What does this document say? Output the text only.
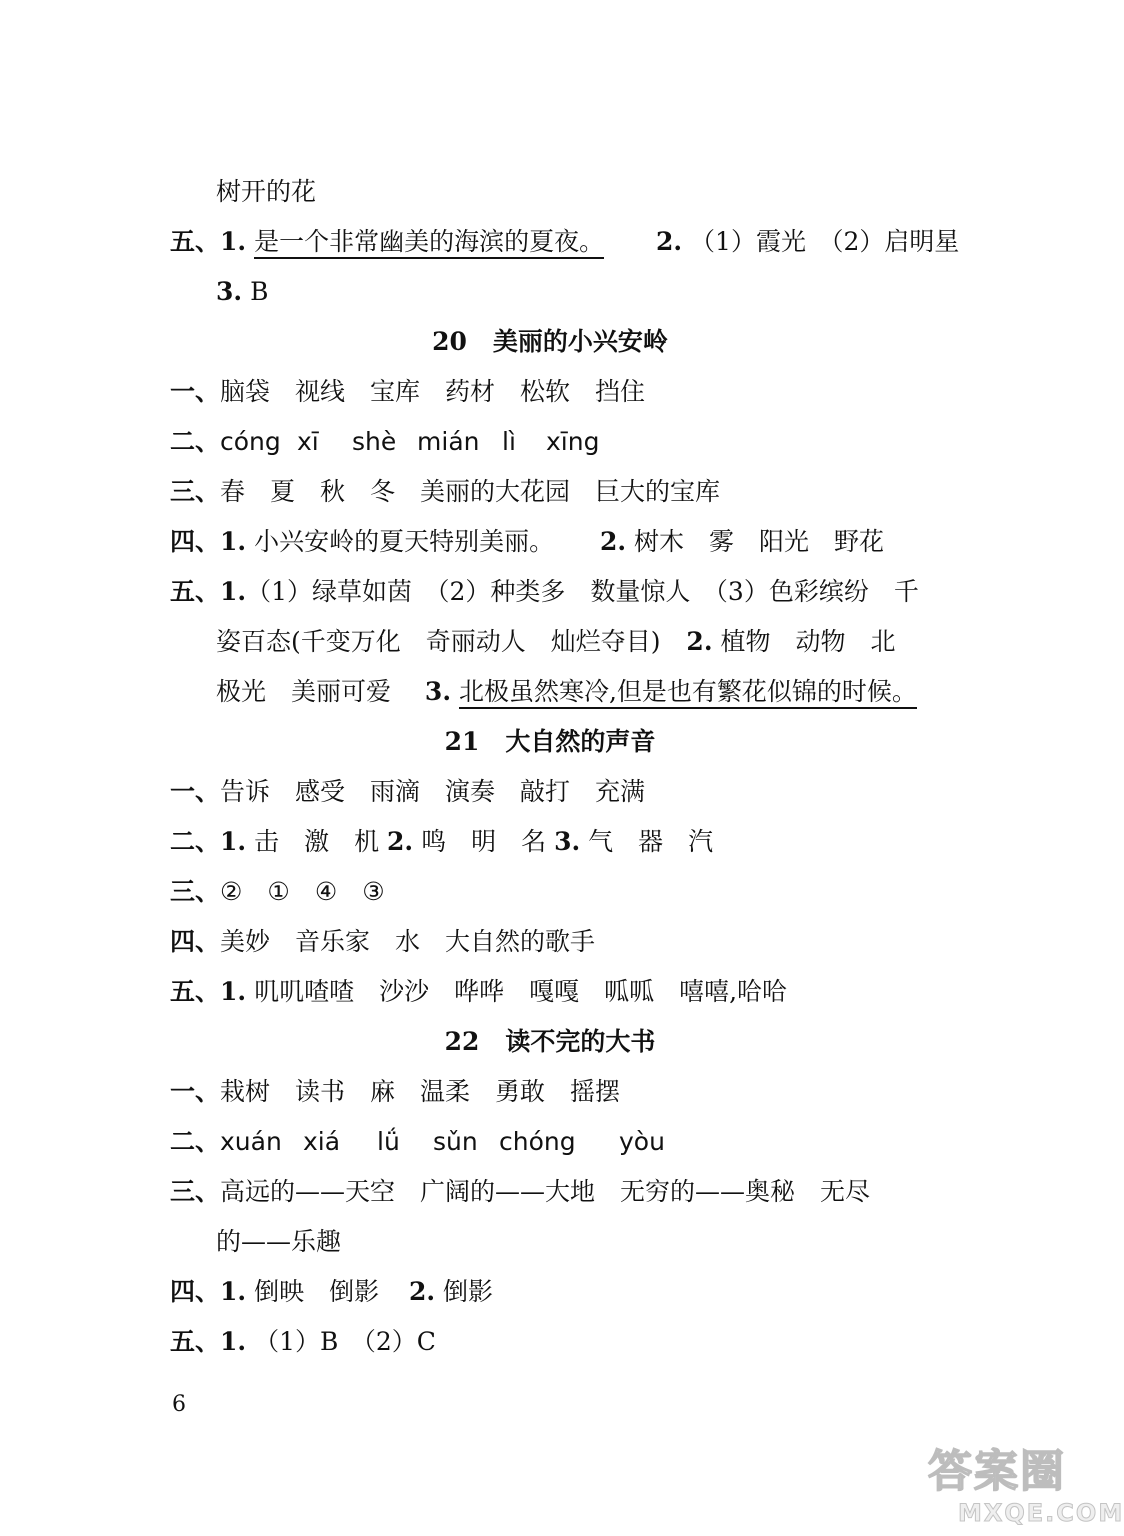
树开的花
五、1. 是一个非常幽美的海滨的夏夜。 2. （1）霞光　（2）启明星
3. B
20 美丽的小兴安岭
一、脑袋　视线　宝库　药材　松软　挡住
二、cóng xī shè mián lì xīng
三、春　夏　秋　冬　美丽的大花园　巨大的宝库
四、1. 小兴安岭的夏天特别美丽。 2. 树木　雾　阳光　野花
五、1.（1）绿草如茵　（2）种类多　数量惊人　（3）色彩缤纷　千
姿百态(千变万化　奇丽动人　灿烂夺目) 2. 植物　动物　北
极光　美丽可爱 3. 北极虽然寒冷,但是也有繁花似锦的时候。
21 大自然的声音
一、告诉　感受　雨滴　演奏　敲打　充满
二、1. 击　激　机 2. 鸣　明　名 3. 气　器　汽
三、②　①　④　③
四、美妙　音乐家　水　大自然的歌手
五、1. 叽叽喳喳　沙沙　哗哗　嘎嘎　呱呱　嘻嘻,哈哈
22 读不完的大书
一、栽树　读书　麻　温柔　勇敢　摇摆
二、xuán xiá lǘ sǔn chóng yòu
三、高远的——天空　广阔的——大地　无穷的——奥秘　无尽
的——乐趣
四、1. 倒映　倒影 2. 倒影
五、1. （1）B　（2）C
6
答案圈
MXQE.COM
